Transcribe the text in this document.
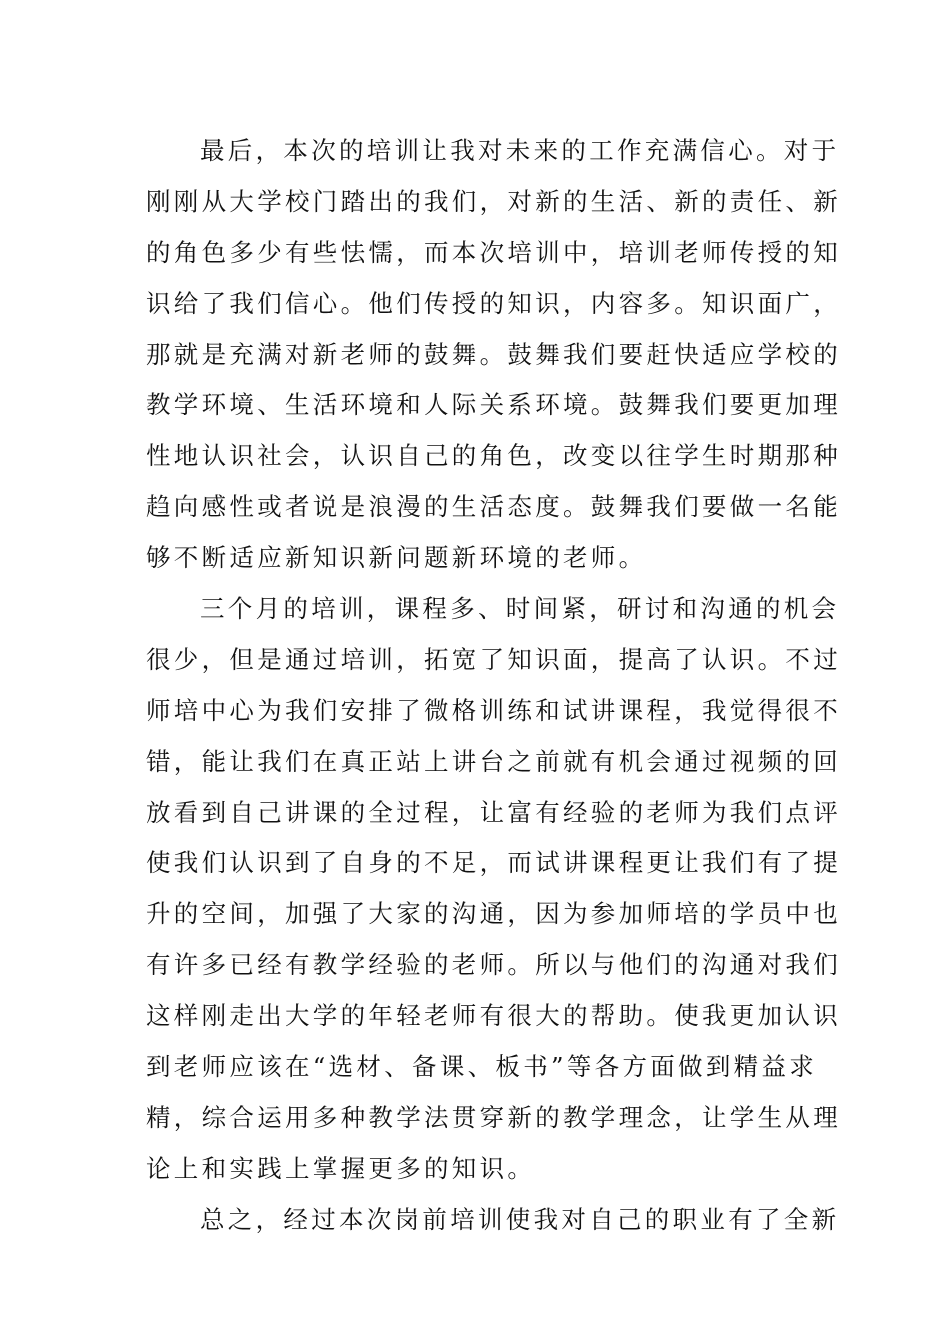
最后，本次的培训让我对未来的工作充满信心。对于
刚刚从大学校门踏出的我们，对新的生活、新的责任、新
的角色多少有些怯懦，而本次培训中，培训老师传授的知
识给了我们信心。他们传授的知识，内容多。知识面广，
那就是充满对新老师的鼓舞。鼓舞我们要赶快适应学校的
教学环境、生活环境和人际关系环境。鼓舞我们要更加理
性地认识社会，认识自己的角色，改变以往学生时期那种
趋向感性或者说是浪漫的生活态度。鼓舞我们要做一名能
够不断适应新知识新问题新环境的老师。
三个月的培训，课程多、时间紧，研讨和沟通的机会
很少，但是通过培训，拓宽了知识面，提高了认识。不过
师培中心为我们安排了微格训练和试讲课程，我觉得很不
错，能让我们在真正站上讲台之前就有机会通过视频的回
放看到自己讲课的全过程，让富有经验的老师为我们点评
使我们认识到了自身的不足，而试讲课程更让我们有了提
升的空间，加强了大家的沟通，因为参加师培的学员中也
有许多已经有教学经验的老师。所以与他们的沟通对我们
这样刚走出大学的年轻老师有很大的帮助。使我更加认识
到老师应该在“选材、备课、板书”等各方面做到精益求
精，综合运用多种教学法贯穿新的教学理念，让学生从理
论上和实践上掌握更多的知识。
总之，经过本次岗前培训使我对自己的职业有了全新
